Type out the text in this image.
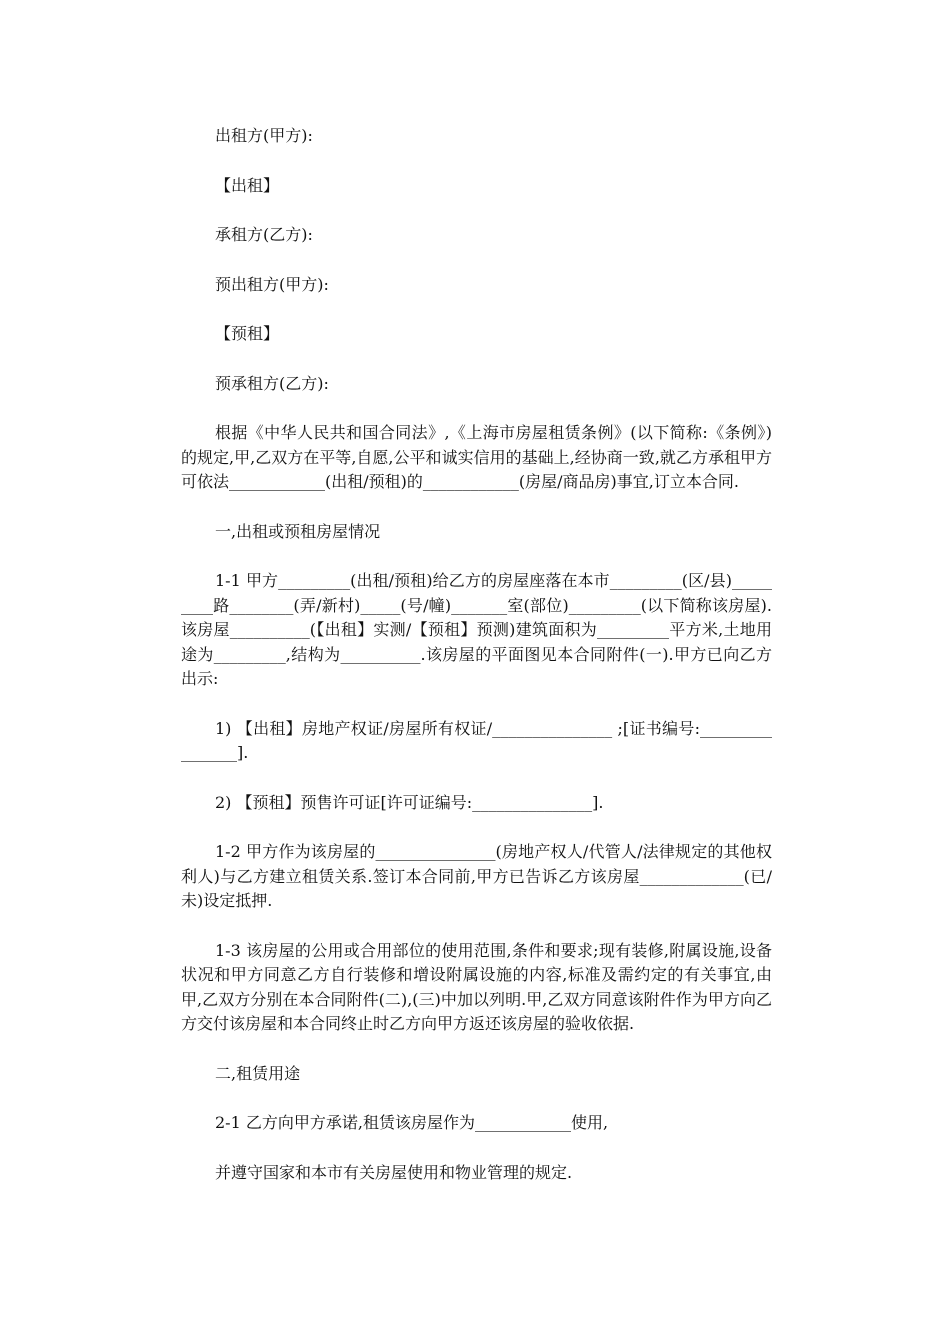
出租方(甲方):

【出租】

承租方(乙方):

预出租方(甲方):

【预租】

预承租方(乙方):

根据《中华人民共和国合同法》,《上海市房屋租赁条例》(以下简称:《条例》)的规定,甲,乙双方在平等,自愿,公平和诚实信用的基础上,经协商一致,就乙方承租甲方可依法____________(出租/预租)的____________(房屋/商品房)事宜,订立本合同.

一,出租或预租房屋情况

1-1 甲方_________(出租/预租)给乙方的房屋座落在本市_________(区/县)_________路________(弄/新村)_____(号/幢)_______室(部位)_________(以下简称该房屋).该房屋__________(【出租】实测/【预租】预测)建筑面积为_________平方米,土地用途为_________,结构为__________.该房屋的平面图见本合同附件(一).甲方已向乙方出示:

1) 【出租】房地产权证/房屋所有权证/_______________ ;[证书编号:________________].

2) 【预租】预售许可证[许可证编号:_______________].

1-2 甲方作为该房屋的_______________(房地产权人/代管人/法律规定的其他权利人)与乙方建立租赁关系.签订本合同前,甲方已告诉乙方该房屋_____________(已/未)设定抵押.

1-3 该房屋的公用或合用部位的使用范围,条件和要求;现有装修,附属设施,设备状况和甲方同意乙方自行装修和增设附属设施的内容,标准及需约定的有关事宜,由甲,乙双方分别在本合同附件(二),(三)中加以列明.甲,乙双方同意该附件作为甲方向乙方交付该房屋和本合同终止时乙方向甲方返还该房屋的验收依据.

二,租赁用途

2-1 乙方向甲方承诺,租赁该房屋作为____________使用,

并遵守国家和本市有关房屋使用和物业管理的规定.
